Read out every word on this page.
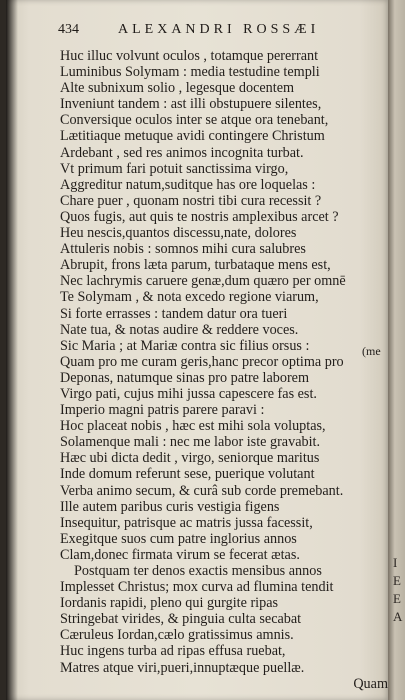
I
E
E
A
434	ALEXANDRI ROSSÆI
Huc illuc volvunt oculos , totamque pererrant
Luminibus Solymam : media testudine templi
Alte subnixum solio , legesque docentem
Inveniunt tandem : ast illi obstupuere silentes,
Conversique oculos inter se atque ora tenebant,
Lætitiaque metuque avidi contingere Christum
Ardebant , sed res animos incognita turbat.
Vt primum fari potuit sanctissima virgo,
Aggreditur natum,suditque has ore loquelas :
Chare puer , quonam nostri tibi cura recessit ?
Quos fugis, aut quis te nostris amplexibus arcet ?
Heu nescis,quantos discessu,nate, dolores
Attuleris nobis : somnos mihi cura salubres
Abrupit, frons læta parum, turbataque mens est,
Nec lachrymis caruere genæ,dum quæro per omnē
Te Solymam , & nota excedo regione viarum,
Si forte errasses : tandem datur ora tueri
Nate tua, & notas audire & reddere voces.
Sic Maria ; at Mariæ contra sic filius orsus :
Quam pro me curam geris,hanc precor optima pro
Deponas, natumque sinas pro patre laborem
Virgo pati, cujus mihi jussa capescere fas est.
Imperio magni patris parere paravi :
Hoc placeat nobis , hæc est mihi sola voluptas,
Solamenque mali : nec me labor iste gravabit.
Hæc ubi dicta dedit , virgo, seniorque maritus
Inde domum referunt sese, puerique volutant
Verba animo secum, & curâ sub corde premebant.
Ille autem paribus curis vestigia figens
Insequitur, patrisque ac matris jussa facessit,
Exegitque suos cum patre inglorius annos
Clam,donec firmata virum se fecerat ætas.
Postquam ter denos exactis mensibus annos
Implesset Christus; mox curva ad flumina tendit
Iordanis rapidi, pleno qui gurgite ripas
Stringebat virides, & pinguia culta secabat
Cæruleus Iordan,cælo gratissimus amnis.
Huc ingens turba ad ripas effusa ruebat,
Matres atque viri,pueri,innuptæque puellæ.
Quam
(me
